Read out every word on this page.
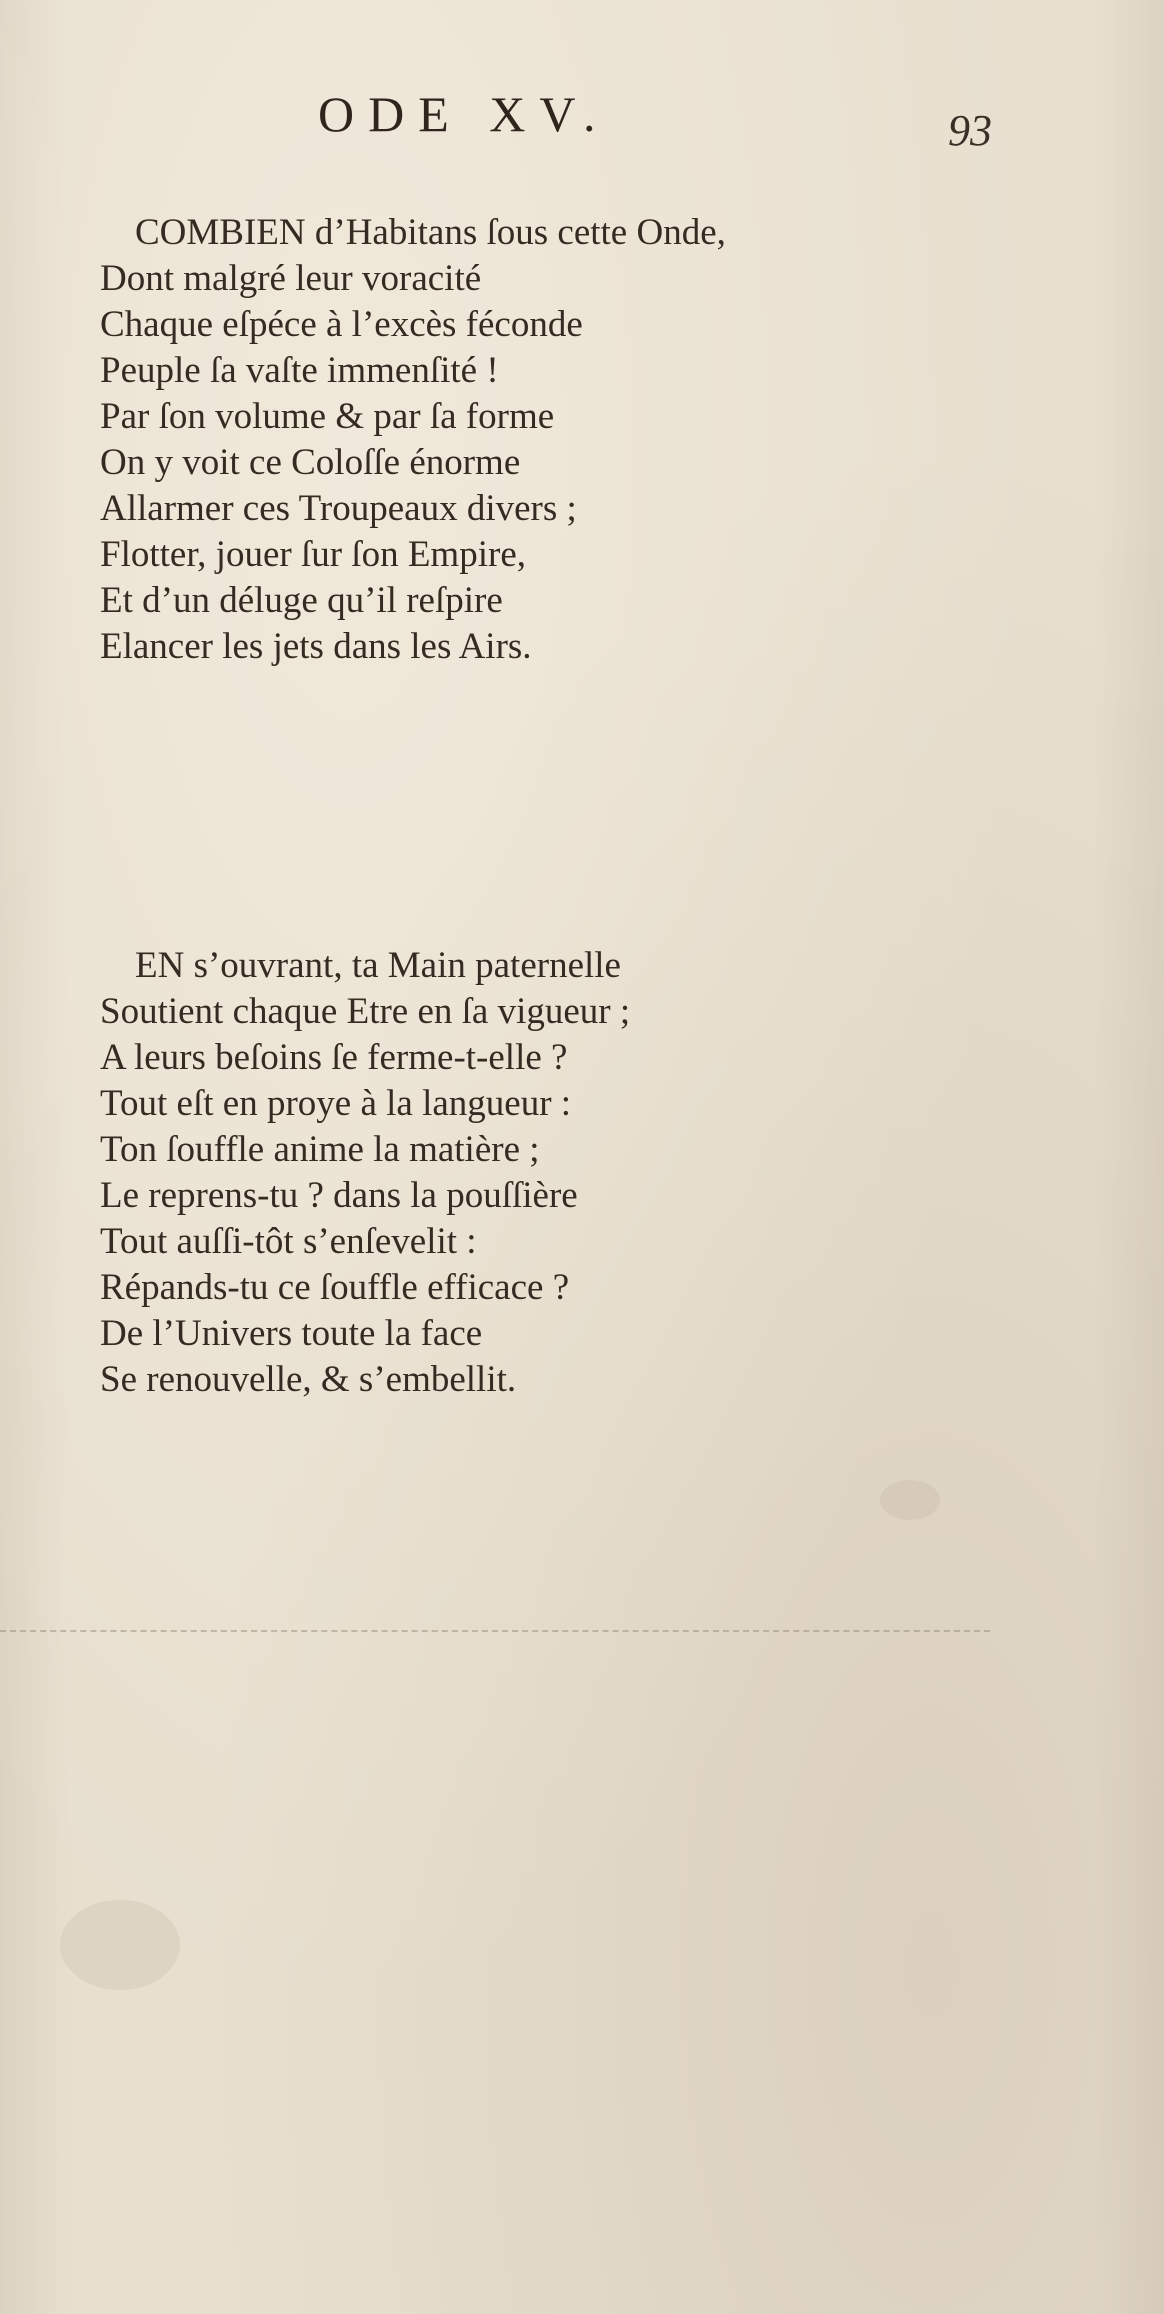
ODE XV.	93
COMBIEN d’Habitans ſous cette Onde,
Dont malgré leur voracité
Chaque eſpéce à l’excès féconde
Peuple ſa vaſte immenſité !
Par ſon volume & par ſa forme
On y voit ce Coloſſe énorme
Allarmer ces Troupeaux divers ;
Flotter, jouer ſur ſon Empire,
Et d’un déluge qu’il reſpire
Elancer les jets dans les Airs.
EN s’ouvrant, ta Main paternelle
Soutient chaque Etre en ſa vigueur ;
A leurs beſoins ſe ferme-t-elle ?
Tout eſt en proye à la langueur :
Ton ſouffle anime la matière ;
Le reprens-tu ? dans la pouſſière
Tout auſſi-tôt s’enſevelit :
Répands-tu ce ſouffle efficace ?
De l’Univers toute la face
Se renouvelle, & s’embellit.
